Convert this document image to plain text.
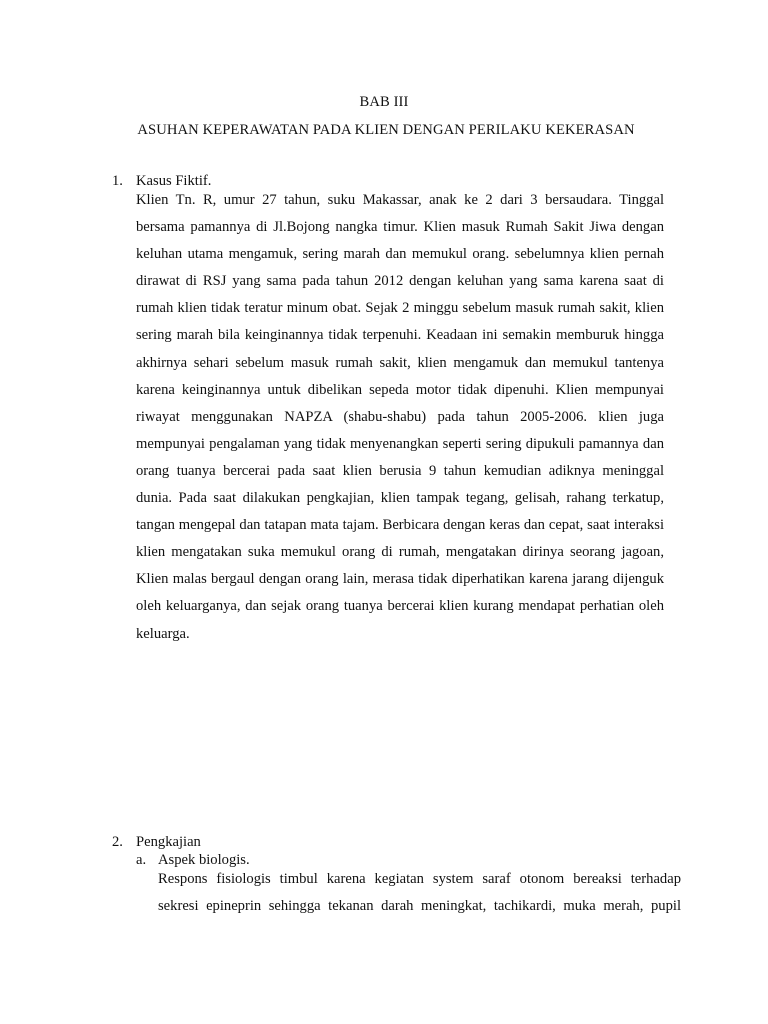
BAB III
ASUHAN KEPERAWATAN PADA KLIEN DENGAN PERILAKU KEKERASAN
1. Kasus Fiktif.
Klien Tn. R, umur 27 tahun, suku Makassar, anak ke 2 dari 3 bersaudara. Tinggal
bersama pamannya di Jl.Bojong nangka timur. Klien masuk Rumah Sakit Jiwa dengan
keluhan utama mengamuk, sering marah dan memukul orang. sebelumnya klien pernah
dirawat di RSJ yang sama pada tahun 2012 dengan keluhan yang sama karena saat di
rumah klien tidak teratur minum obat. Sejak 2 minggu sebelum masuk rumah sakit, klien
sering marah bila keinginannya tidak terpenuhi. Keadaan ini semakin memburuk hingga
akhirnya sehari sebelum masuk rumah sakit, klien mengamuk dan memukul tantenya
karena keinginannya untuk dibelikan sepeda motor tidak dipenuhi. Klien mempunyai
riwayat menggunakan NAPZA (shabu-shabu) pada tahun 2005-2006. klien juga
mempunyai pengalaman yang tidak menyenangkan seperti sering dipukuli pamannya dan
orang tuanya bercerai pada saat klien berusia 9 tahun kemudian adiknya meninggal
dunia. Pada saat dilakukan pengkajian, klien tampak tegang, gelisah, rahang terkatup,
tangan mengepal dan tatapan mata tajam. Berbicara dengan keras dan cepat, saat interaksi
klien mengatakan suka memukul orang di rumah, mengatakan dirinya seorang jagoan,
Klien malas bergaul dengan orang lain, merasa tidak diperhatikan karena jarang dijenguk
oleh keluarganya, dan sejak orang tuanya bercerai klien kurang mendapat perhatian oleh
keluarga.
2. Pengkajian
a. Aspek biologis.
Respons fisiologis timbul karena kegiatan system saraf otonom bereaksi terhadap
sekresi epineprin sehingga tekanan darah meningkat, tachikardi, muka merah, pupil
